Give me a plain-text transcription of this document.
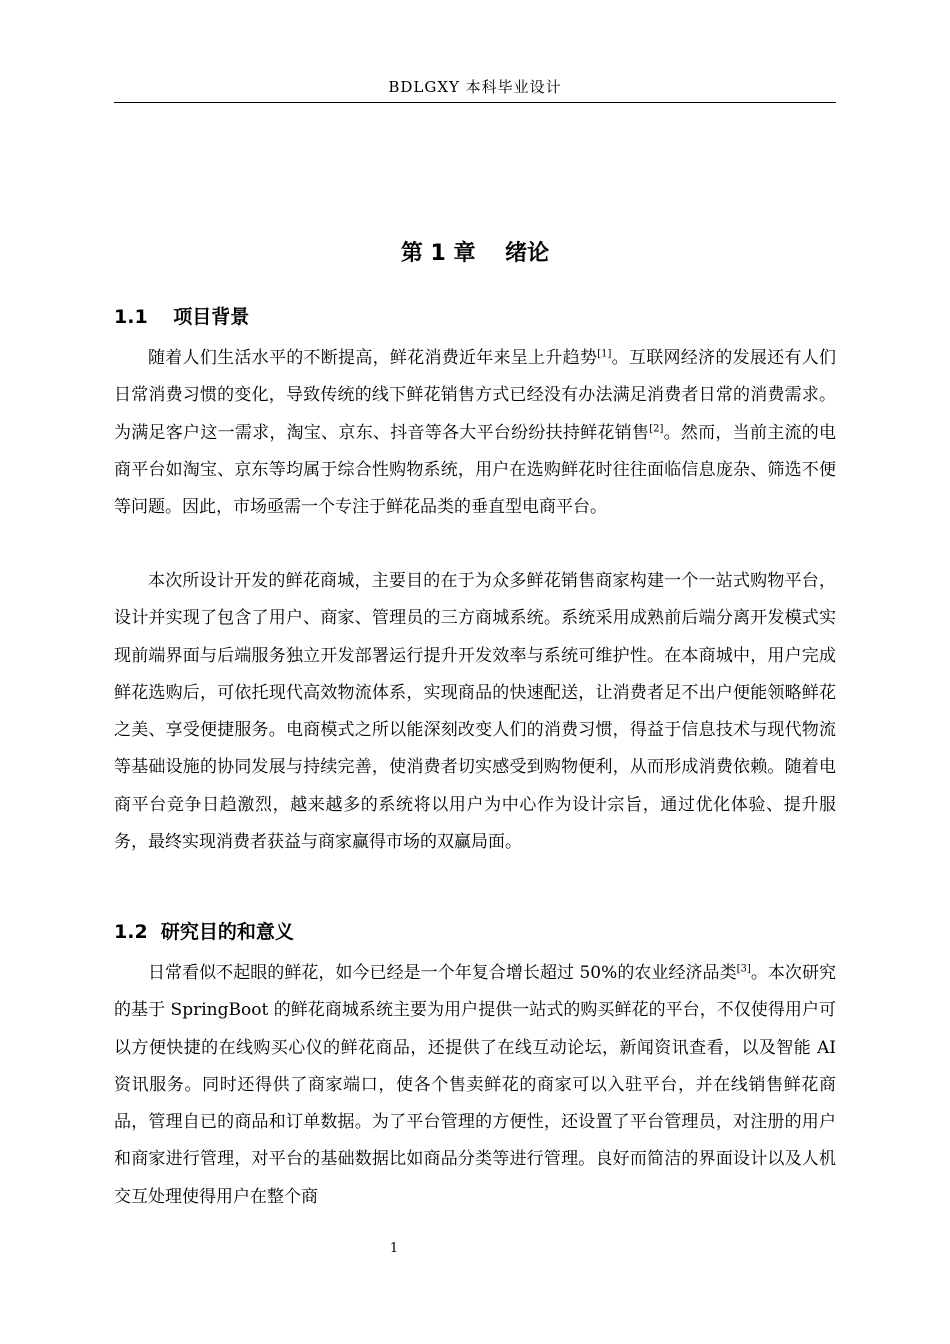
BDLGXY 本科毕业设计
第 1 章　 绪论
1.1　 项目背景

随着人们生活水平的不断提高，鲜花消费近年来呈上升趋势[1]。互联网经济的发展还有人们日常消费习惯的变化，导致传统的线下鲜花销售方式已经没有办法满足消费者日常的消费需求。为满足客户这一需求，淘宝、京东、抖音等各大平台纷纷扶持鲜花销售[2]。然而，当前主流的电商平台如淘宝、京东等均属于综合性购物系统，用户在选购鲜花时往往面临信息庞杂、筛选不便等问题。因此，市场亟需一个专注于鲜花品类的垂直型电商平台。

本次所设计开发的鲜花商城，主要目的在于为众多鲜花销售商家构建一个一站式购物平台，设计并实现了包含了用户、商家、管理员的三方商城系统。系统采用成熟前后端分离开发模式实现前端界面与后端服务独立开发部署运行提升开发效率与系统可维护性。在本商城中，用户完成鲜花选购后，可依托现代高效物流体系，实现商品的快速配送，让消费者足不出户便能领略鲜花之美、享受便捷服务。电商模式之所以能深刻改变人们的消费习惯，得益于信息技术与现代物流等基础设施的协同发展与持续完善，使消费者切实感受到购物便利，从而形成消费依赖。随着电商平台竞争日趋激烈，越来越多的系统将以用户为中心作为设计宗旨，通过优化体验、提升服务，最终实现消费者获益与商家赢得市场的双赢局面。

1.2  研究目的和意义

日常看似不起眼的鲜花，如今已经是一个年复合增长超过 50%的农业经济品类[3]。本次研究的基于 SpringBoot 的鲜花商城系统主要为用户提供一站式的购买鲜花的平台，不仅使得用户可以方便快捷的在线购买心仪的鲜花商品，还提供了在线互动论坛，新闻资讯查看，以及智能 AI 资讯服务。同时还得供了商家端口，使各个售卖鲜花的商家可以入驻平台，并在线销售鲜花商品，管理自已的商品和订单数据。为了平台管理的方便性，还设置了平台管理员，对注册的用户和商家进行管理，对平台的基础数据比如商品分类等进行管理。良好而简洁的界面设计以及人机交互处理使得用户在整个商

1
